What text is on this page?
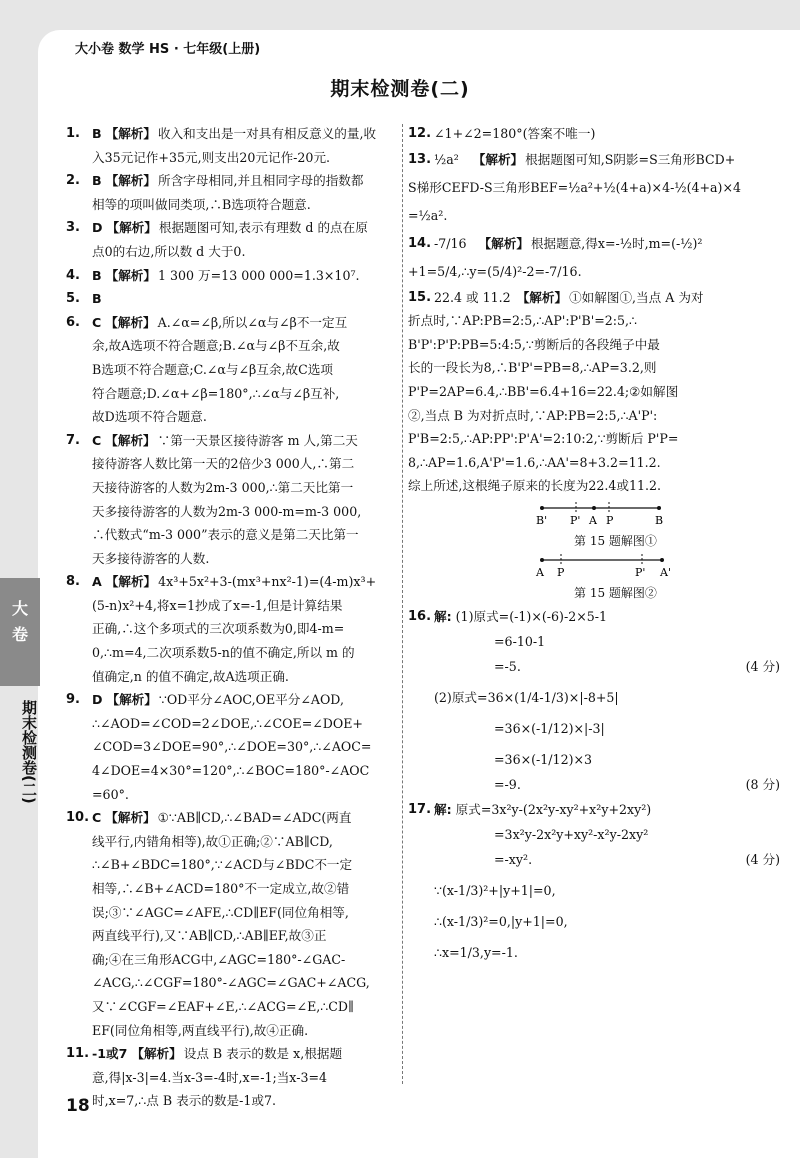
大小卷 数学 HS · 七年级(上册)
期末检测卷(二)
大
卷
期末检测卷(二)
1. B 【解析】 收入和支出是一对具有相反意义的量,收
入35元记作+35元,则支出20元记作-20元.
2. B 【解析】 所含字母相同,并且相同字母的指数都
相等的项叫做同类项,∴B选项符合题意.
3. D 【解析】 根据题图可知,表示有理数 d 的点在原
点0的右边,所以数 d 大于0.
4. B 【解析】 1 300 万=13 000 000=1.3×10⁷.
5. B
6. C 【解析】 A.∠α=∠β,所以∠α与∠β不一定互
余,故A选项不符合题意;B.∠α与∠β不互余,故
B选项不符合题意;C.∠α与∠β互余,故C选项
符合题意;D.∠α+∠β=180°,∴∠α与∠β互补,
故D选项不符合题意.
7. C 【解析】 ∵第一天景区接待游客 m 人,第二天
接待游客人数比第一天的2倍少3 000人,∴第二
天接待游客的人数为2m-3 000,∴第二天比第一
天多接待游客的人数为2m-3 000-m=m-3 000,
∴代数式“m-3 000”表示的意义是第二天比第一
天多接待游客的人数.
8. A 【解析】 4x³+5x²+3-(mx³+nx²-1)=(4-m)x³+
(5-n)x²+4,将x=1抄成了x=-1,但是计算结果
正确,∴这个多项式的三次项系数为0,即4-m=
0,∴m=4,二次项系数5-n的值不确定,所以 m 的
值确定,n 的值不确定,故A选项正确.
9. D 【解析】 ∵OD平分∠AOC,OE平分∠AOD,
∴∠AOD=∠COD=2∠DOE,∴∠COE=∠DOE+
∠COD=3∠DOE=90°,∴∠DOE=30°,∴∠AOC=
4∠DOE=4×30°=120°,∴∠BOC=180°-∠AOC
=60°.
10. C 【解析】 ①∵AB∥CD,∴∠BAD=∠ADC(两直
线平行,内错角相等),故①正确;②∵AB∥CD,
∴∠B+∠BDC=180°,∵∠ACD与∠BDC不一定
相等,∴∠B+∠ACD=180°不一定成立,故②错
误;③∵∠AGC=∠AFE,∴CD∥EF(同位角相等,
两直线平行),又∵AB∥CD,∴AB∥EF,故③正
确;④在三角形ACG中,∠AGC=180°-∠GAC-
∠ACG,∴∠CGF=180°-∠AGC=∠GAC+∠ACG,
又∵∠CGF=∠EAF+∠E,∴∠ACG=∠E,∴CD∥
EF(同位角相等,两直线平行),故④正确.
11. -1或7 【解析】 设点 B 表示的数是 x,根据题
意,得|x-3|=4.当x-3=-4时,x=-1;当x-3=4
时,x=7,∴点 B 表示的数是-1或7.
12. ∠1+∠2=180°(答案不唯一)
13. ½a² 【解析】 根据题图可知,S阴影=S三角形BCD+
S梯形CEFD-S三角形BEF=½a²+½(4+a)×4-½(4+a)×4
=½a².
14. -7/16 【解析】 根据题意,得x=-½时,m=(-½)²
+1=5/4,∴y=(5/4)²-2=-7/16.
15. 22.4 或 11.2 【解析】 ①如解图①,当点 A 为对
折点时,∵AP:PB=2:5,∴AP':P'B'=2:5,∴
B'P':P'P:PB=5:4:5,∵剪断后的各段绳子中最
长的一段长为8,∴B'P'=PB=8,∴AP=3.2,则
P'P=2AP=6.4,∴BB'=6.4+16=22.4;②如解图
②,当点 B 为对折点时,∵AP:PB=2:5,∴A'P':
P'B=2:5,∴AP:PP':P'A'=2:10:2,∵剪断后 P'P=
8,∴AP=1.6,A'P'=1.6,∴AA'=8+3.2=11.2.
综上所述,这根绳子原来的长度为22.4或11.2.
B' P' A P	B
第 15 题解图①
A P	P' A'
第 15 题解图②
16. 解: (1)原式=(-1)×(-6)-2×5-1
=6-10-1
=-5.	(4 分)
(2)原式=36×(1/4-1/3)×|-8+5|
=36×(-1/12)×|-3|
=36×(-1/12)×3
=-9.	(8 分)
17. 解: 原式=3x²y-(2x²y-xy²+x²y+2xy²)
=3x²y-2x²y+xy²-x²y-2xy²
=-xy².	(4 分)
∵(x-1/3)²+|y+1|=0,
∴(x-1/3)²=0,|y+1|=0,
∴x=1/3,y=-1.
18
